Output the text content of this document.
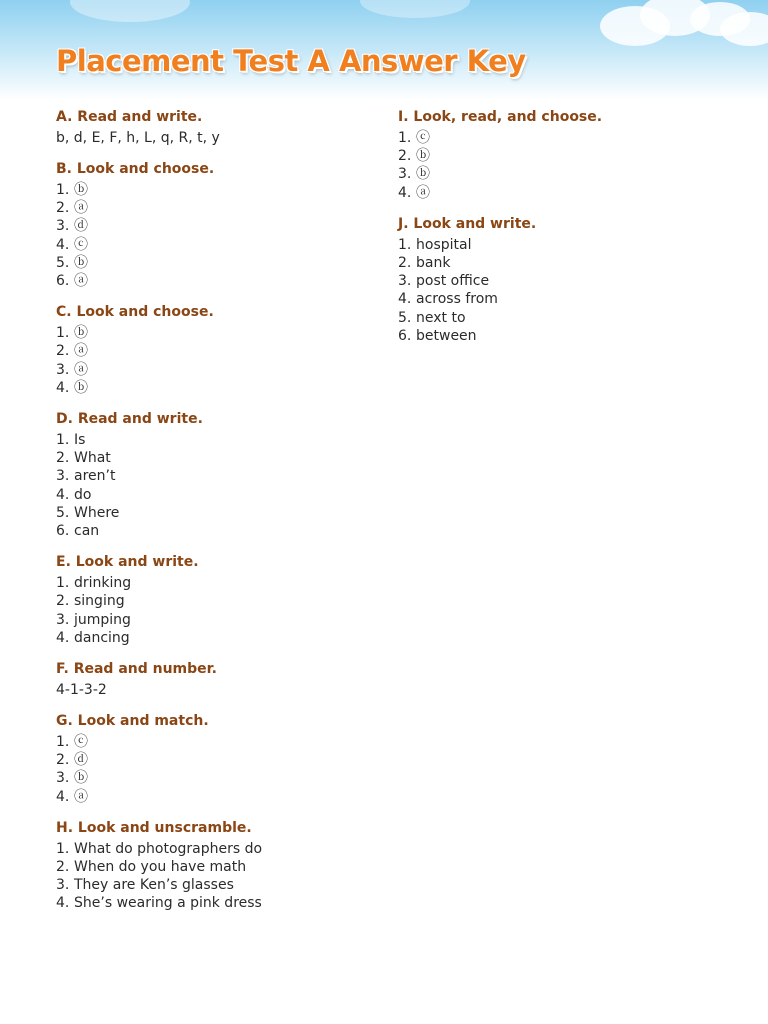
Placement Test A Answer Key
A. Read and write.
b, d, E, F, h, L, q, R, t, y
B. Look and choose.
1. ⓑ
2. ⓐ
3. ⓓ
4. ⓒ
5. ⓑ
6. ⓐ
C. Look and choose.
1. ⓑ
2. ⓐ
3. ⓐ
4. ⓑ
D. Read and write.
1. Is
2. What
3. aren’t
4. do
5. Where
6. can
E. Look and write.
1. drinking
2. singing
3. jumping
4. dancing
F. Read and number.
4-1-3-2
G. Look and match.
1. ⓒ
2. ⓓ
3. ⓑ
4. ⓐ
H. Look and unscramble.
1. What do photographers do
2. When do you have math
3. They are Ken’s glasses
4. She’s wearing a pink dress
I. Look, read, and choose.
1. ⓒ
2. ⓑ
3. ⓑ
4. ⓐ
J. Look and write.
1. hospital
2. bank
3. post office
4. across from
5. next to
6. between
